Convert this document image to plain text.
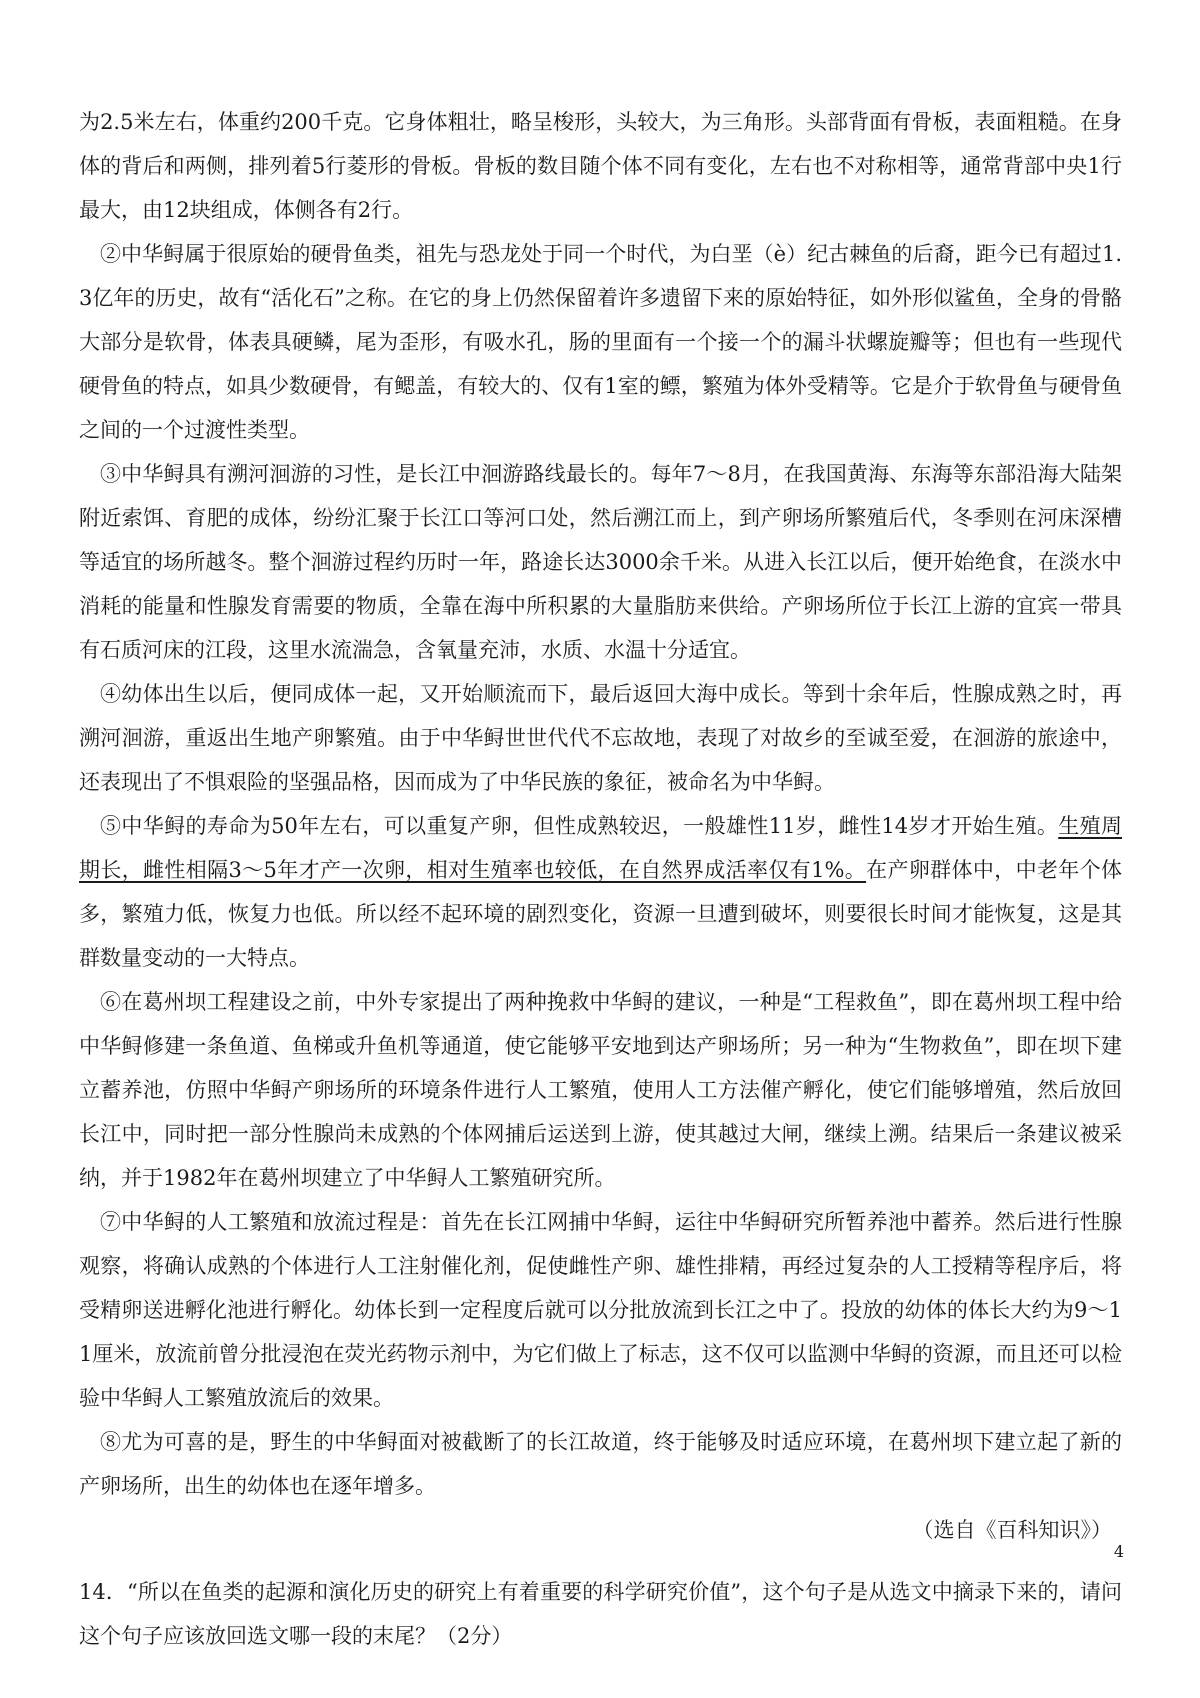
为2.5米左右，体重约200千克。它身体粗壮，略呈梭形，头较大，为三角形。头部背面有骨板，表面粗糙。在身体的背后和两侧，排列着5行菱形的骨板。骨板的数目随个体不同有变化，左右也不对称相等，通常背部中央1行最大，由12块组成，体侧各有2行。

②中华鲟属于很原始的硬骨鱼类，祖先与恐龙处于同一个时代，为白垩（è）纪古棘鱼的后裔，距今已有超过1.3亿年的历史，故有“活化石”之称。在它的身上仍然保留着许多遗留下来的原始特征，如外形似鲨鱼，全身的骨骼大部分是软骨，体表具硬鳞，尾为歪形，有吸水孔，肠的里面有一个接一个的漏斗状螺旋瓣等；但也有一些现代硬骨鱼的特点，如具少数硬骨，有鳃盖，有较大的、仅有1室的鳔，繁殖为体外受精等。它是介于软骨鱼与硬骨鱼之间的一个过渡性类型。

③中华鲟具有溯河洄游的习性，是长江中洄游路线最长的。每年7～8月，在我国黄海、东海等东部沿海大陆架附近索饵、育肥的成体，纷纷汇聚于长江口等河口处，然后溯江而上，到产卵场所繁殖后代，冬季则在河床深槽等适宜的场所越冬。整个洄游过程约历时一年，路途长达3000余千米。从进入长江以后，便开始绝食，在淡水中消耗的能量和性腺发育需要的物质，全靠在海中所积累的大量脂肪来供给。产卵场所位于长江上游的宜宾一带具有石质河床的江段，这里水流湍急，含氧量充沛，水质、水温十分适宜。

④幼体出生以后，便同成体一起，又开始顺流而下，最后返回大海中成长。等到十余年后，性腺成熟之时，再溯河洄游，重返出生地产卵繁殖。由于中华鲟世世代代不忘故地，表现了对故乡的至诚至爱，在洄游的旅途中，还表现出了不惧艰险的坚强品格，因而成为了中华民族的象征，被命名为中华鲟。

⑤中华鲟的寿命为50年左右，可以重复产卵，但性成熟较迟，一般雄性11岁，雌性14岁才开始生殖。生殖周期长，雌性相隔3～5年才产一次卵，相对生殖率也较低，在自然界成活率仅有1%。在产卵群体中，中老年个体多，繁殖力低，恢复力也低。所以经不起环境的剧烈变化，资源一旦遭到破坏，则要很长时间才能恢复，这是其群数量变动的一大特点。

⑥在葛州坝工程建设之前，中外专家提出了两种挽救中华鲟的建议，一种是“工程救鱼”，即在葛州坝工程中给中华鲟修建一条鱼道、鱼梯或升鱼机等通道，使它能够平安地到达产卵场所；另一种为“生物救鱼”，即在坝下建立蓄养池，仿照中华鲟产卵场所的环境条件进行人工繁殖，使用人工方法催产孵化，使它们能够增殖，然后放回长江中，同时把一部分性腺尚未成熟的个体网捕后运送到上游，使其越过大闸，继续上溯。结果后一条建议被采纳，并于1982年在葛州坝建立了中华鲟人工繁殖研究所。

⑦中华鲟的人工繁殖和放流过程是：首先在长江网捕中华鲟，运往中华鲟研究所暂养池中蓄养。然后进行性腺观察，将确认成熟的个体进行人工注射催化剂，促使雌性产卵、雄性排精，再经过复杂的人工授精等程序后，将受精卵送进孵化池进行孵化。幼体长到一定程度后就可以分批放流到长江之中了。投放的幼体的体长大约为9～11厘米，放流前曾分批浸泡在荧光药物示剂中，为它们做上了标志，这不仅可以监测中华鲟的资源，而且还可以检验中华鲟人工繁殖放流后的效果。

⑧尤为可喜的是，野生的中华鲟面对被截断了的长江故道，终于能够及时适应环境，在葛州坝下建立起了新的产卵场所，出生的幼体也在逐年增多。

（选自《百科知识》）

14．“所以在鱼类的起源和演化历史的研究上有着重要的科学研究价值”，这个句子是从选文中摘录下来的，请问这个句子应该放回选文哪一段的末尾？（2分）

4
